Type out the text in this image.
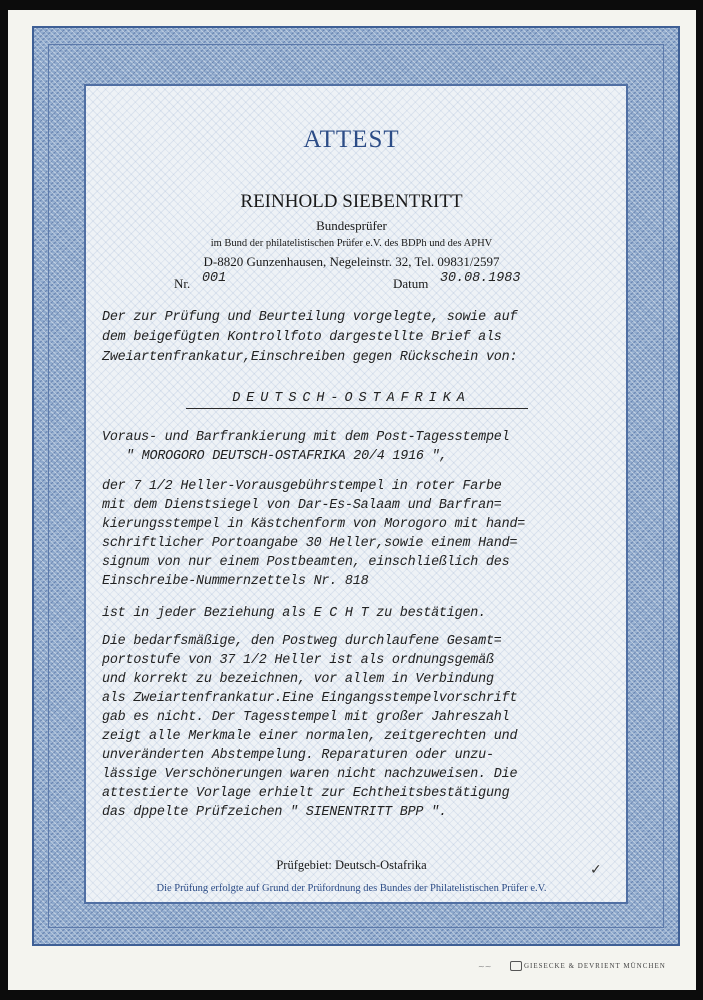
ATTEST
REINHOLD SIEBENTRITT
Bundesprüfer
im Bund der philatelistischen Prüfer e.V. des BDPh und des APHV
D-8820 Gunzenhausen, Negeleinstr. 32, Tel. 09831/2597
Nr. 001	Datum 30.08.1983
Der zur Prüfung und Beurteilung vorgelegte, sowie auf
dem beigefügten Kontrollfoto dargestellte Brief als
Zweiartenfrankatur,Einschreiben gegen Rückschein von:
DEUTSCH-OSTAFRIKA
Voraus- und Barfrankierung mit dem Post-Tagesstempel
" MOROGORO DEUTSCH-OSTAFRIKA 20/4 1916 ",
der 7 1/2 Heller-Vorausgebührstempel in roter Farbe
mit dem Dienstsiegel von Dar-Es-Salaam und Barfran=
kierungsstempel in Kästchenform von Morogoro mit hand=
schriftlicher Portoangabe 30 Heller,sowie einem Hand=
signum von nur einem Postbeamten, einschließlich des
Einschreibe-Nummernzettels Nr. 818
ist in jeder Beziehung als E C H T zu bestätigen.
Die bedarfsmäßige, den Postweg durchlaufene Gesamt=
portostufe von 37 1/2 Heller ist als ordnungsgemäß
und korrekt zu bezeichnen, vor allem in Verbindung
als Zweiartenfrankatur.Eine Eingangsstempelvorschrift
gab es nicht. Der Tagesstempel mit großer Jahreszahl
zeigt alle Merkmale einer normalen, zeitgerechten und
unveränderten Abstempelung. Reparaturen oder unzu-
lässige Verschönerungen waren nicht nachzuweisen. Die
attestierte Vorlage erhielt zur Echtheitsbestätigung
das dppelte Prüfzeichen " SIENENTRITT BPP ".
Prüfgebiet: Deutsch-Ostafrika	✓
Die Prüfung erfolgte auf Grund der Prüfordnung des Bundes der Philatelistischen Prüfer e.V.
~~	GIESECKE & DEVRIENT MÜNCHEN
